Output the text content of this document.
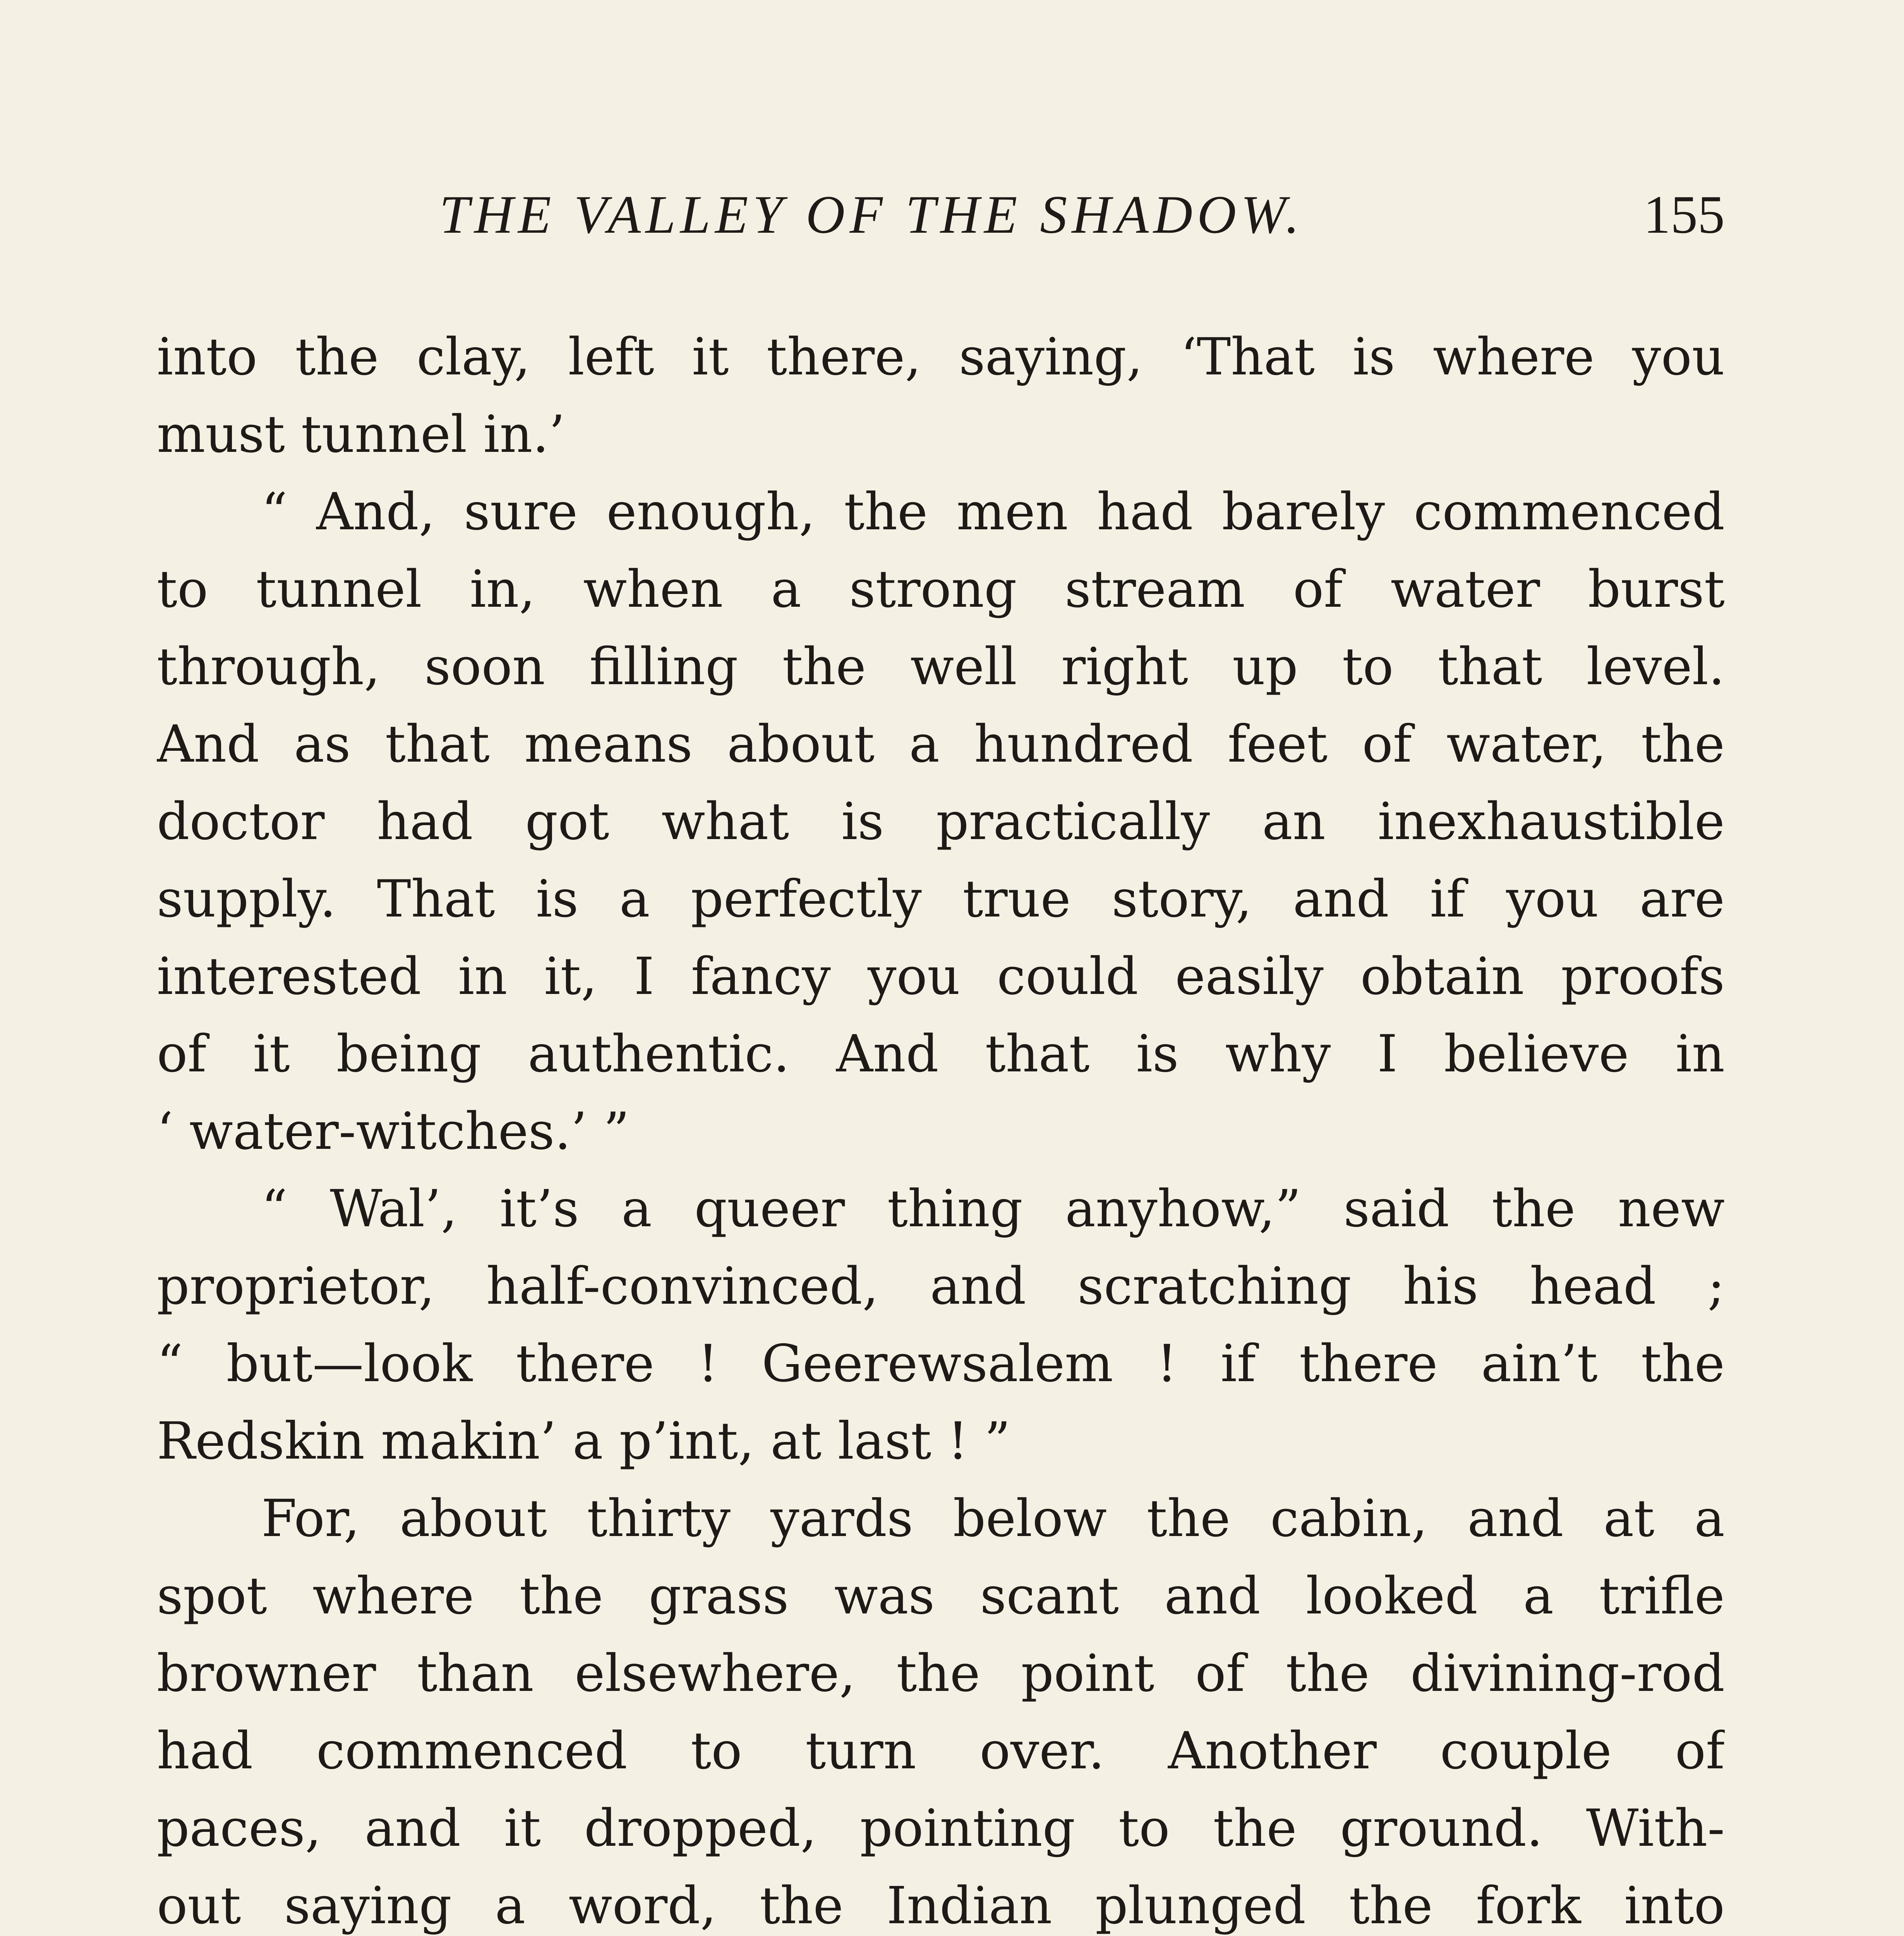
THE VALLEY OF THE SHADOW.	155
into the clay, left it there, saying, ‘That is where you
must tunnel in.’
“ And, sure enough, the men had barely commenced
to tunnel in, when a strong stream of water burst
through, soon filling the well right up to that level.
And as that means about a hundred feet of water, the
doctor had got what is practically an inexhaustible
supply. That is a perfectly true story, and if you are
interested in it, I fancy you could easily obtain proofs
of it being authentic. And that is why I believe in
‘ water-witches.’ ”
“ Wal’, it’s a queer thing anyhow,” said the new
proprietor, half-convinced, and scratching his head ;
“ but—look there ! Geerewsalem ! if there ain’t the
Redskin makin’ a p’int, at last ! ”
For, about thirty yards below the cabin, and at a
spot where the grass was scant and looked a trifle
browner than elsewhere, the point of the divining-rod
had commenced to turn over. Another couple of
paces, and it dropped, pointing to the ground. With-
out saying a word, the Indian plunged the fork into
